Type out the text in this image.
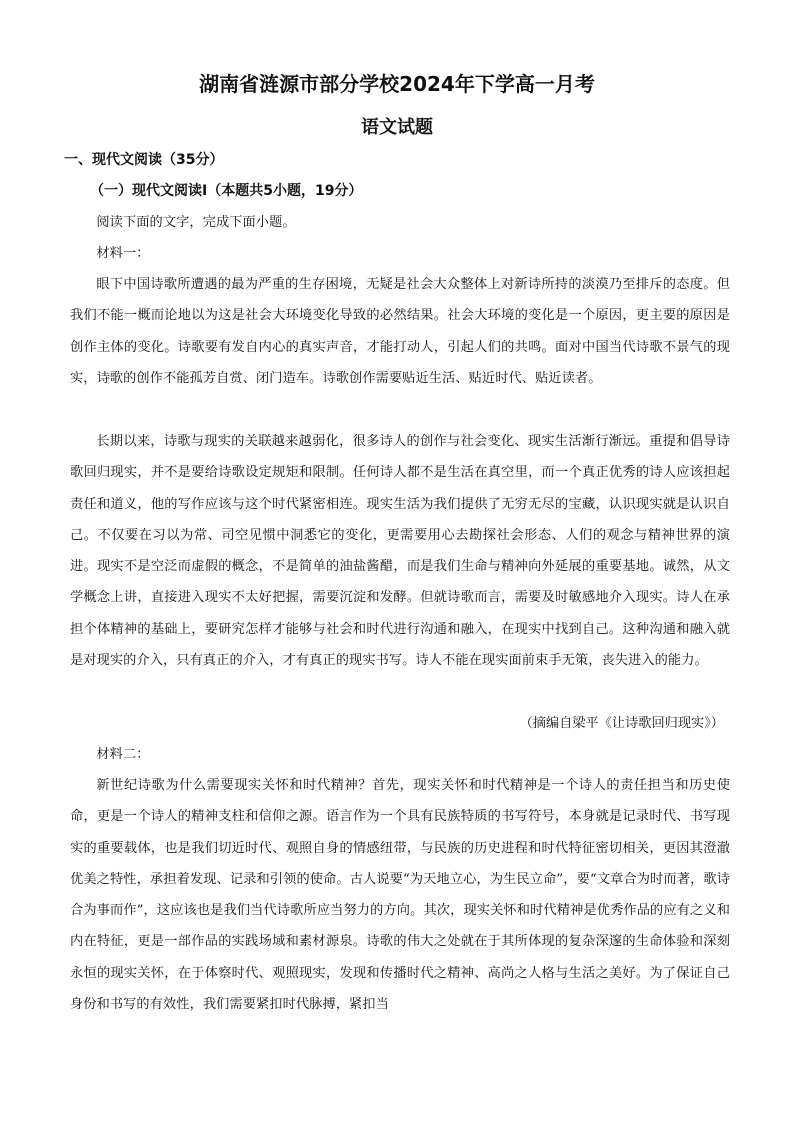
湖南省涟源市部分学校2024年下学高一月考
语文试题
一、现代文阅读（35分）
（一）现代文阅读Ⅰ（本题共5小题，19分）

阅读下面的文字，完成下面小题。

材料一：

眼下中国诗歌所遭遇的最为严重的生存困境，无疑是社会大众整体上对新诗所持的淡漠乃至排斥的态度。但我们不能一概而论地以为这是社会大环境变化导致的必然结果。社会大环境的变化是一个原因，更主要的原因是创作主体的变化。诗歌要有发自内心的真实声音，才能打动人，引起人们的共鸣。面对中国当代诗歌不景气的现实，诗歌的创作不能孤芳自赏、闭门造车。诗歌创作需要贴近生活、贴近时代、贴近读者。

长期以来，诗歌与现实的关联越来越弱化，很多诗人的创作与社会变化、现实生活渐行渐远。重提和倡导诗歌回归现实，并不是要给诗歌设定规矩和限制。任何诗人都不是生活在真空里，而一个真正优秀的诗人应该担起责任和道义，他的写作应该与这个时代紧密相连。现实生活为我们提供了无穷无尽的宝藏，认识现实就是认识自己。不仅要在习以为常、司空见惯中洞悉它的变化，更需要用心去勘探社会形态、人们的观念与精神世界的演进。现实不是空泛而虚假的概念，不是简单的油盐酱醋，而是我们生命与精神向外延展的重要基地。诚然，从文学概念上讲，直接进入现实不太好把握，需要沉淀和发酵。但就诗歌而言，需要及时敏感地介入现实。诗人在承担个体精神的基础上，要研究怎样才能够与社会和时代进行沟通和融入，在现实中找到自己。这种沟通和融入就是对现实的介入，只有真正的介入，才有真正的现实书写。诗人不能在现实面前束手无策，丧失进入的能力。

（摘编自梁平《让诗歌回归现实》）

材料二：

新世纪诗歌为什么需要现实关怀和时代精神？首先，现实关怀和时代精神是一个诗人的责任担当和历史使命，更是一个诗人的精神支柱和信仰之源。语言作为一个具有民族特质的书写符号，本身就是记录时代、书写现实的重要载体，也是我们切近时代、观照自身的情感纽带，与民族的历史进程和时代特征密切相关，更因其澄澈优美之特性，承担着发现、记录和引领的使命。古人说要“为天地立心，为生民立命”，要“文章合为时而著，歌诗合为事而作”，这应该也是我们当代诗歌所应当努力的方向。其次，现实关怀和时代精神是优秀作品的应有之义和内在特征，更是一部作品的实践场域和素材源泉。诗歌的伟大之处就在于其所体现的复杂深邃的生命体验和深刻永恒的现实关怀，在于体察时代、观照现实，发现和传播时代之精神、高尚之人格与生活之美好。为了保证自己身份和书写的有效性，我们需要紧扣时代脉搏，紧扣当
